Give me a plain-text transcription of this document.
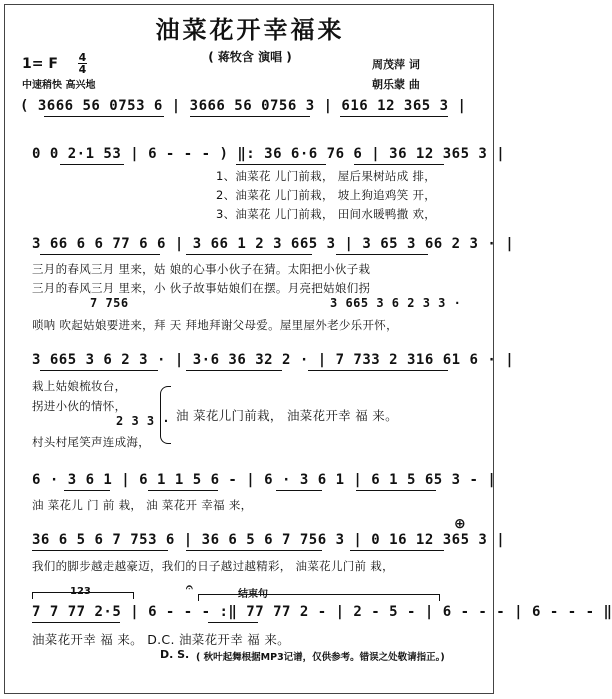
油菜花开幸福来
( 蒋牧含 演唱 )
1= F 4
4
中速稍快 高兴地
周茂萍 词
朝乐蒙 曲
( 3666 56 0753 6 | 3666 56 0756 3 | 616 12 365 3 |
0 0 2·1 53 | 6 - - - ) ‖: 36 6·6 76 6 | 36 12 365 3 |
1、油菜花 儿门前栽， 屋后果树站成 排，
2、油菜花 儿门前栽， 坡上狗追鸡笑 开，
3、油菜花 儿门前栽， 田间水暖鸭撒 欢，
3 66 6 6 77 6 6 | 3 66 1 2 3 665 3 | 3 65 3 66 2 3 · |
三月的春风三月 里来，姑 娘的心事小伙子在猜。太阳把小伙子栽
三月的春风三月 里来，小 伙子故事姑娘们在摆。月亮把姑娘们拐
7 756	3 665 3 6 2 3 3 ·
唢呐 吹起姑娘要进来，拜 天 拜地拜谢父母爱。屋里屋外老少乐开怀，
3 665 3 6 2 3 · | 3·6 36 32 2 · | 7 733 2 316 61 6 · |
栽上姑娘梳妆台，
拐进小伙的情怀，
2 3 3 ·
村头村尾笑声连成海，
油 菜花儿门前栽， 油菜花开幸 福 来。
6 · 3 6 1 | 6 1 1 5 6 - | 6 · 3 6 1 | 6 1 5 65 3 - |
油 菜花儿 门 前 栽， 油 菜花开 幸福 来，
⊕
36 6 5 6 7 753 6 | 36 6 5 6 7 756 3 | 0 16 12 365 3 |
我们的脚步越走越豪迈，我们的日子越过越精彩， 油菜花儿门前 栽，
123	𝄐
结束句
7 7 77 2·5 | 6 - - - :‖ 77 77 2 - | 2 - 5 - | 6 - - - | 6 - - - ‖
油菜花开幸 福 来。 D.C. 油菜花开幸 福 来。
D. S. ( 秋叶起舞根据MP3记谱，仅供参考。错误之处敬请指正。)
